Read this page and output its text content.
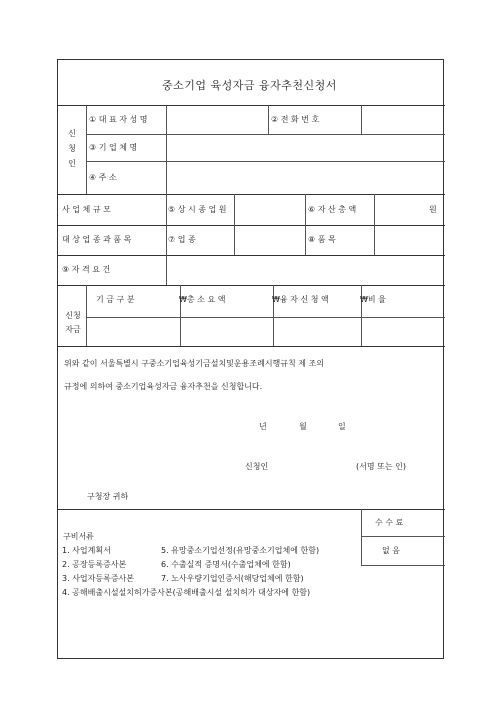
중소기업 육성자금 융자추천신청서
신청인
① 대 표 자 성 명	② 전 화 번 호
③ 기 업 체 명
④ 주 소
사 업 체 규 모	⑤ 상 시 종 업 원	⑥ 자 산 총 액	원
대 상 업 종 과 품 목	⑦ 업 종	⑧ 품 목
⑨ 자 격 요 건
신청 자금
기 금 구 분	₩총 소 요 액	₩융 자 신 청 액	₩비 율
위와 같이 서울특별시 구중소기업육성기금설치및운용조례시행규칙 제 조의
규정에 의하여 중소기업육성자금 융자추천을 신청합니다.
년	월	일
신청인	(서명 또는 인)
구청장 귀하
구비서류
1. 사업계획서	5. 유망중소기업선정(유망중소기업체에 한함)
2. 공장등록증사본	6. 수출실적 증명서(수출업체에 한함)
3. 사업자등록증사본	7. 노사우량기업인증서(해당업체에 한함)
4. 공해배출시설설치허가증사본(공해배출시설 설치허가 대상자에 한함)
수 수 료
없 음
